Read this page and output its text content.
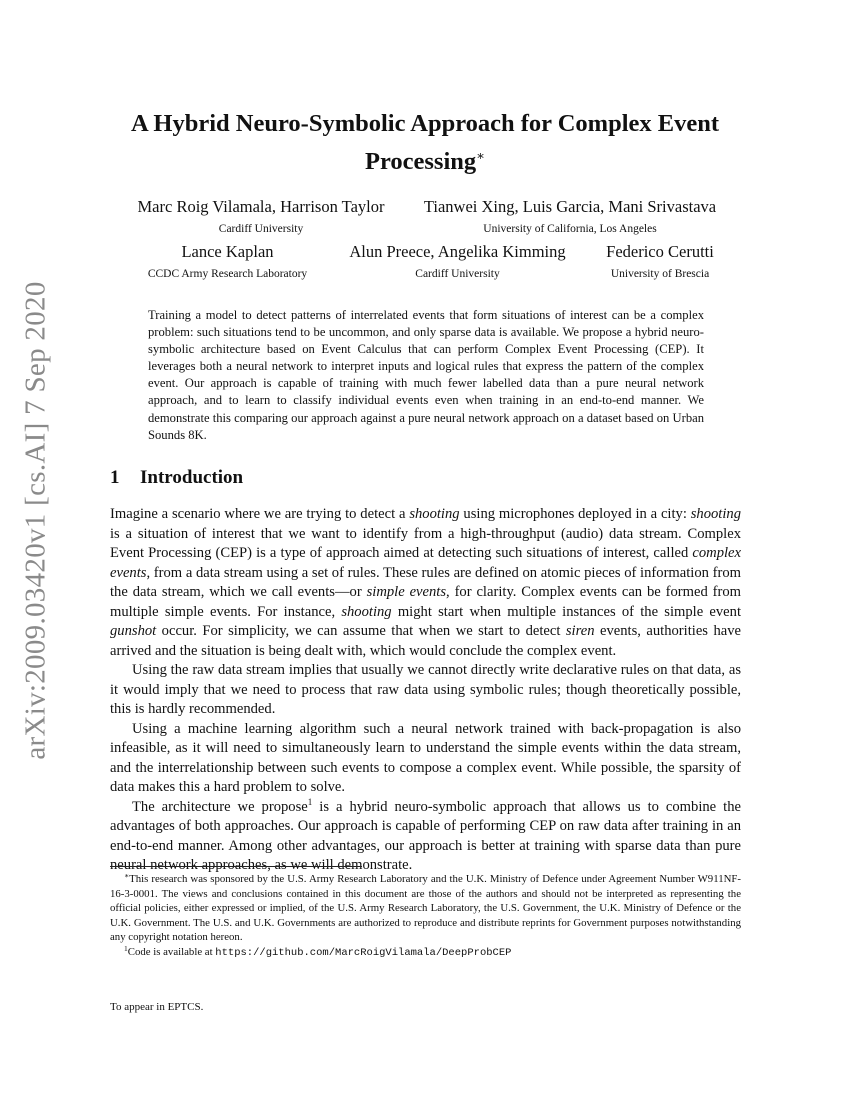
arXiv:2009.03420v1 [cs.AI] 7 Sep 2020
A Hybrid Neuro-Symbolic Approach for Complex Event Processing∗
Marc Roig Vilamala, Harrison Taylor
Cardiff University
Tianwei Xing, Luis Garcia, Mani Srivastava
University of California, Los Angeles
Lance Kaplan
CCDC Army Research Laboratory
Alun Preece, Angelika Kimming
Cardiff University
Federico Cerutti
University of Brescia
Training a model to detect patterns of interrelated events that form situations of interest can be a complex problem: such situations tend to be uncommon, and only sparse data is available. We propose a hybrid neuro-symbolic architecture based on Event Calculus that can perform Complex Event Processing (CEP). It leverages both a neural network to interpret inputs and logical rules that express the pattern of the complex event. Our approach is capable of training with much fewer labelled data than a pure neural network approach, and to learn to classify individual events even when training in an end-to-end manner. We demonstrate this comparing our approach against a pure neural network approach on a dataset based on Urban Sounds 8K.
1 Introduction

Imagine a scenario where we are trying to detect a shooting using microphones deployed in a city: shooting is a situation of interest that we want to identify from a high-throughput (audio) data stream. Complex Event Processing (CEP) is a type of approach aimed at detecting such situations of interest, called complex events, from a data stream using a set of rules. These rules are defined on atomic pieces of information from the data stream, which we call events—or simple events, for clarity. Complex events can be formed from multiple simple events. For instance, shooting might start when multiple instances of the simple event gunshot occur. For simplicity, we can assume that when we start to detect siren events, authorities have arrived and the situation is being dealt with, which would conclude the complex event.

Using the raw data stream implies that usually we cannot directly write declarative rules on that data, as it would imply that we need to process that raw data using symbolic rules; though theoretically possible, this is hardly recommended.

Using a machine learning algorithm such a neural network trained with back-propagation is also infeasible, as it will need to simultaneously learn to understand the simple events within the data stream, and the interrelationship between such events to compose a complex event. While possible, the sparsity of data makes this a hard problem to solve.

The architecture we propose$^1$ is a hybrid neuro-symbolic approach that allows us to combine the advantages of both approaches. Our approach is capable of performing CEP on raw data after training in an end-to-end manner. Among other advantages, our approach is better at training with sparse data than pure neural network approaches, as we will demonstrate.

∗This research was sponsored by the U.S. Army Research Laboratory and the U.K. Ministry of Defence under Agreement Number W911NF-16-3-0001. The views and conclusions contained in this document are those of the authors and should not be interpreted as representing the official policies, either expressed or implied, of the U.S. Army Research Laboratory, the U.S. Government, the U.K. Ministry of Defence or the U.K. Government. The U.S. and U.K. Governments are authorized to reproduce and distribute reprints for Government purposes notwithstanding any copyright notation hereon.

$^1$Code is available at https://github.com/MarcRoigVilamala/DeepProbCEP

To appear in EPTCS.
